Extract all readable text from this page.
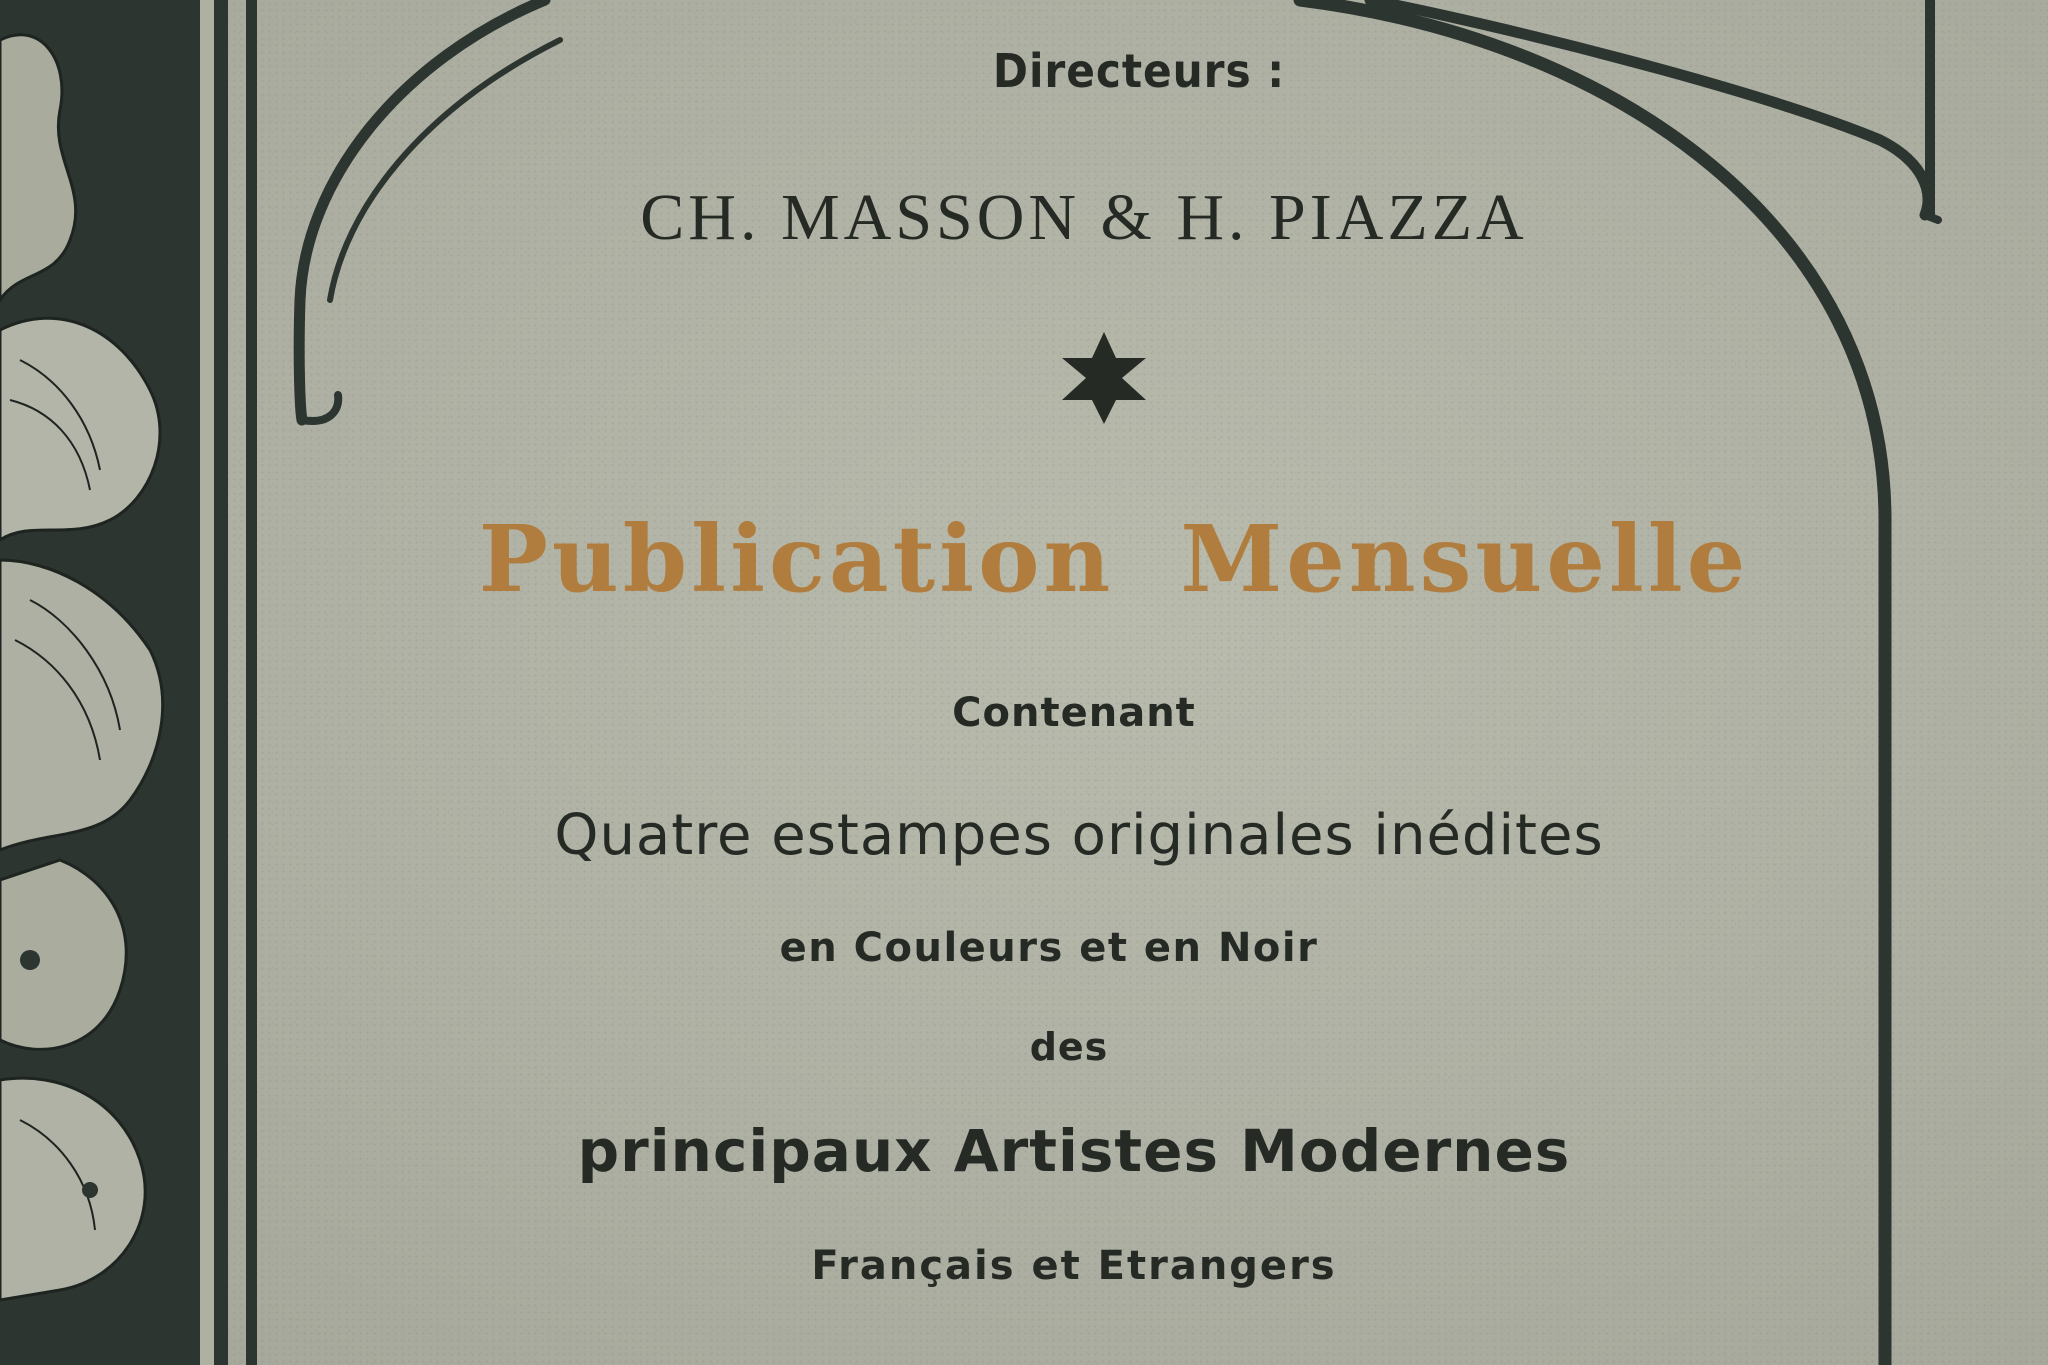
Directeurs :
CH. MASSON & H. PIAZZA
Publication Mensuelle
Contenant
Quatre estampes originales inédites
en Couleurs et en Noir
des
principaux Artistes Modernes
Français et Etrangers
